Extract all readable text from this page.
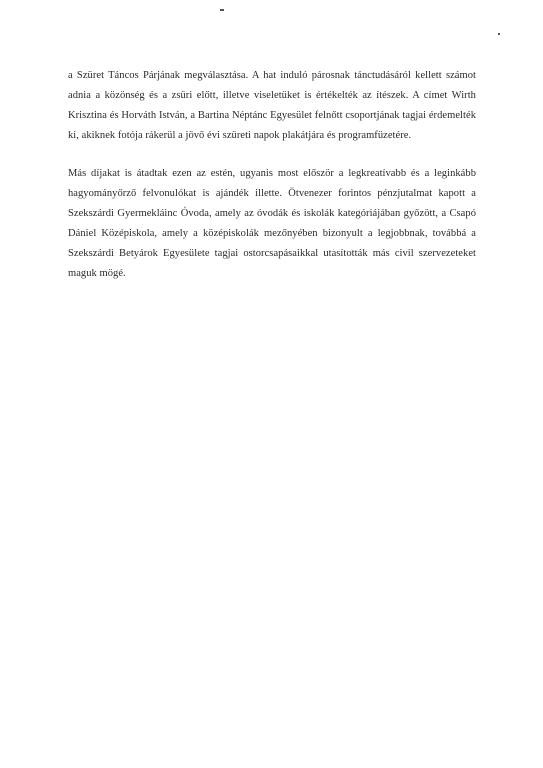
a Szüret Táncos Párjának megválasztása. A hat induló párosnak tánctudásáról kellett számot
adnia a közönség és a zsüri előtt, illetve viseletüket is értékelték az ítészek. A címet Wirth
Krisztina és Horváth István, a Bartina Néptánc Egyesület felnőtt csoportjának tagjai érdemelték
ki, akiknek fotója rákerül a jövő évi szüreti napok plakátjára és programfüzetére.

Más díjakat is átadtak ezen az estén, ugyanis most először a legkreatívabb és a leginkább
hagyományőrző felvonulókat is ajándék illette. Ötvenezer forintos pénzjutalmat kapott a
Szekszárdi Gyermekláinc Óvoda, amely az óvodák és iskolák kategóriájában győzött, a Csapó
Dániel Középiskola, amely a középiskolák mezőnyében bizonyult a legjobbnak, továbbá a
Szekszárdi Betyárok Egyesülete tagjai ostorcsapásaikkal utasították más civil szervezeteket
maguk mögé.
